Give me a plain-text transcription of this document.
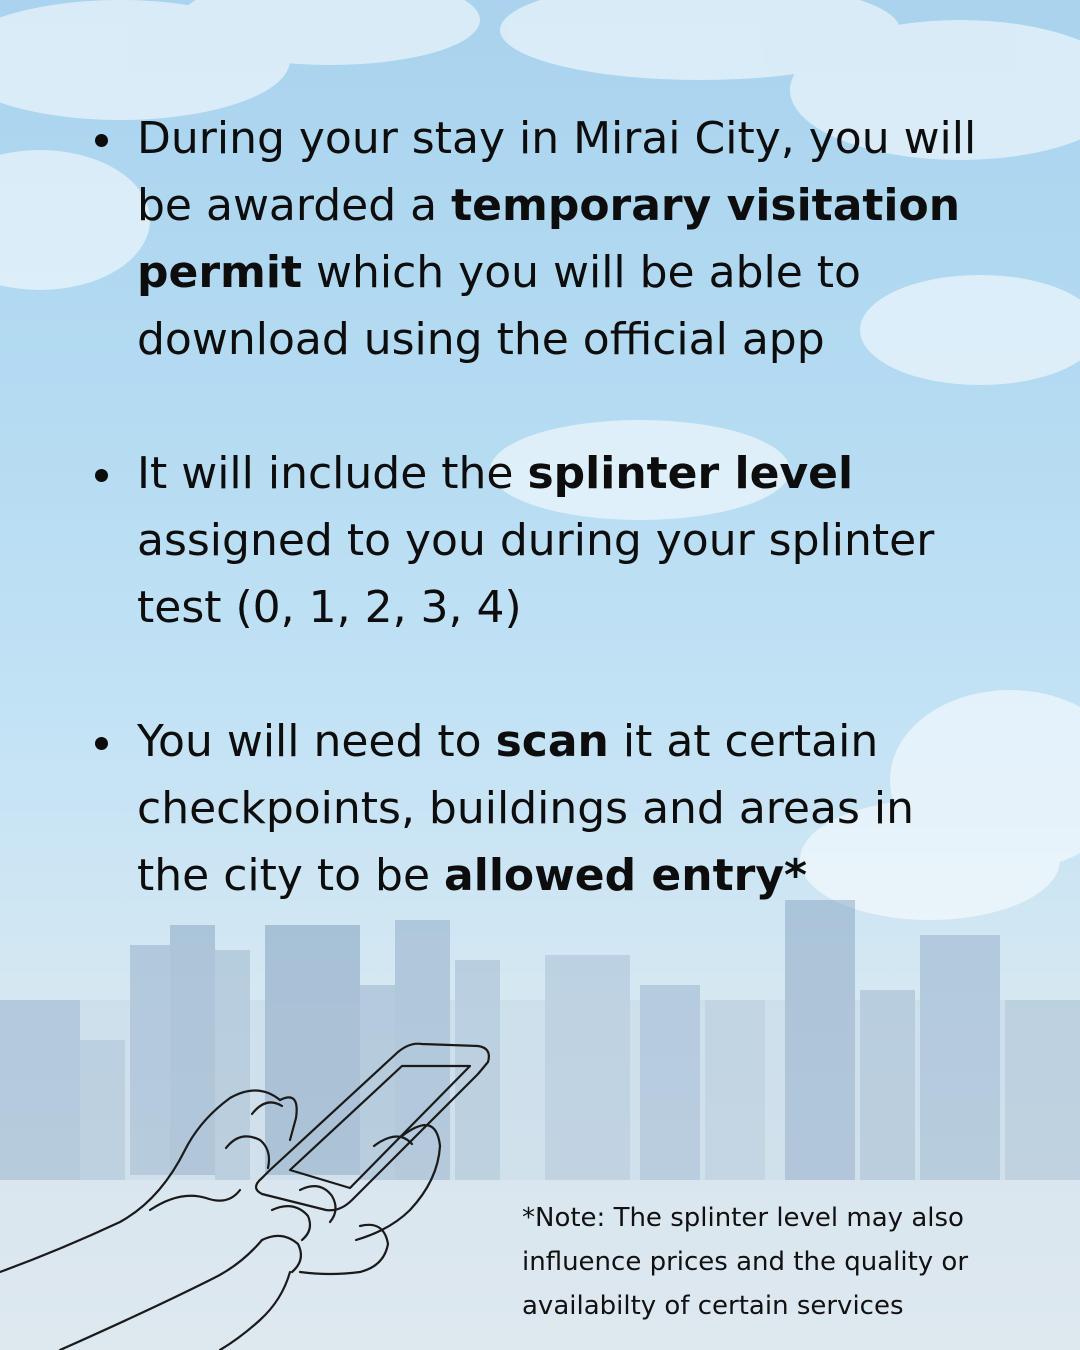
During your stay in Mirai City, you will
be awarded a temporary visitation
permit which you will be able to
download using the official app
It will include the splinter level
assigned to you during your splinter
test (0, 1, 2, 3, 4)
You will need to scan it at certain
checkpoints, buildings and areas in
the city to be allowed entry*
*Note: The splinter level may also
influence prices and the quality or
availabilty of certain services
